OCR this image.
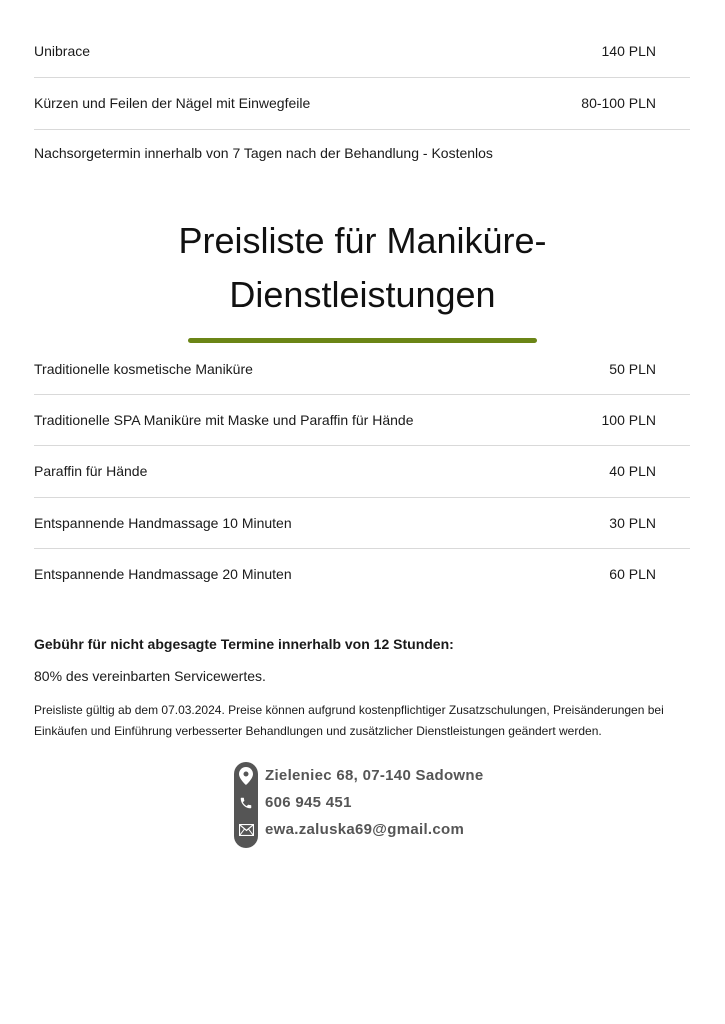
Unibrace	140 PLN
Kürzen und Feilen der Nägel mit Einwegfeile	80-100 PLN
Nachsorgetermin innerhalb von 7 Tagen nach der Behandlung - Kostenlos
Preisliste für Maniküre-
Dienstleistungen
Traditionelle kosmetische Maniküre	50 PLN
Traditionelle SPA Maniküre mit Maske und Paraffin für Hände	100 PLN
Paraffin für Hände	40 PLN
Entspannende Handmassage 10 Minuten	30 PLN
Entspannende Handmassage 20 Minuten	60 PLN
Gebühr für nicht abgesagte Termine innerhalb von 12 Stunden:
80% des vereinbarten Servicewertes.
Preisliste gültig ab dem 07.03.2024. Preise können aufgrund kostenpflichtiger Zusatzschulungen, Preisänderungen bei
Einkäufen und Einführung verbesserter Behandlungen und zusätzlicher Dienstleistungen geändert werden.
Zieleniec 68, 07-140 Sadowne
606 945 451
ewa.zaluska69@gmail.com
